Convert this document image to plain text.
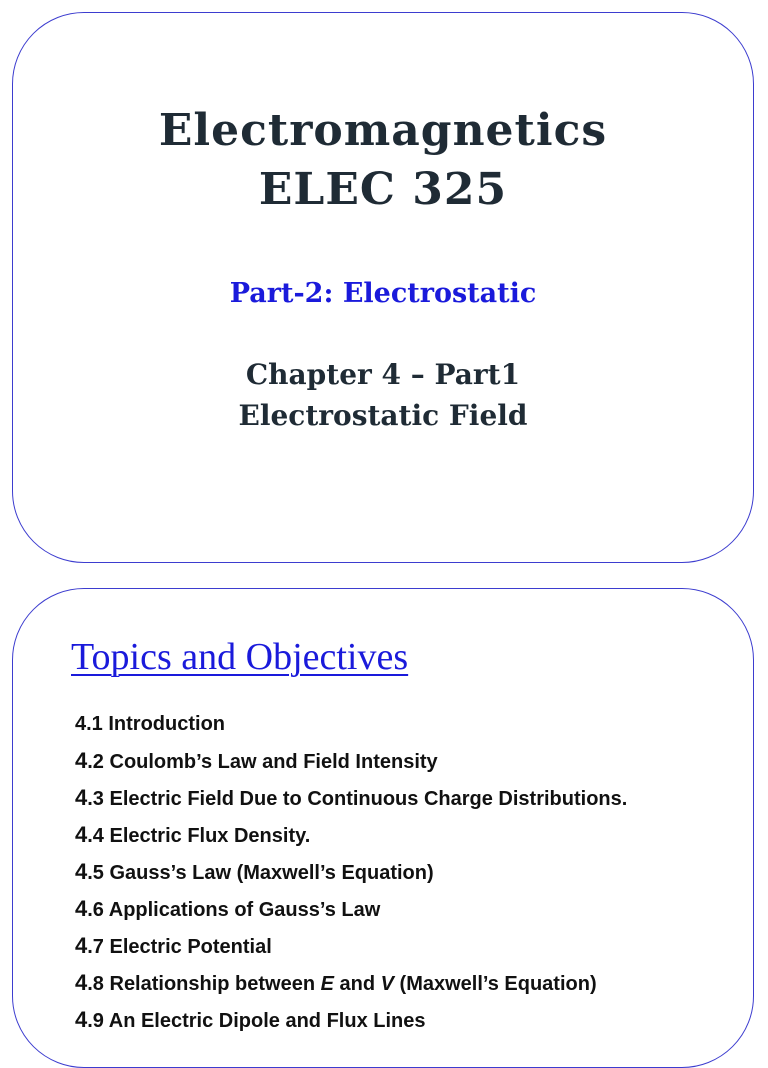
Electromagnetics
ELEC 325
Part-2: Electrostatic
Chapter 4 – Part1
Electrostatic Field
Topics and Objectives
4.1 Introduction
4.2 Coulomb’s Law and Field Intensity
4.3 Electric Field Due to Continuous Charge Distributions.
4.4 Electric Flux Density.
4.5 Gauss’s Law (Maxwell’s Equation)
4.6 Applications of Gauss’s Law
4.7 Electric Potential
4.8 Relationship between E and V (Maxwell’s Equation)
4.9 An Electric Dipole and Flux Lines
